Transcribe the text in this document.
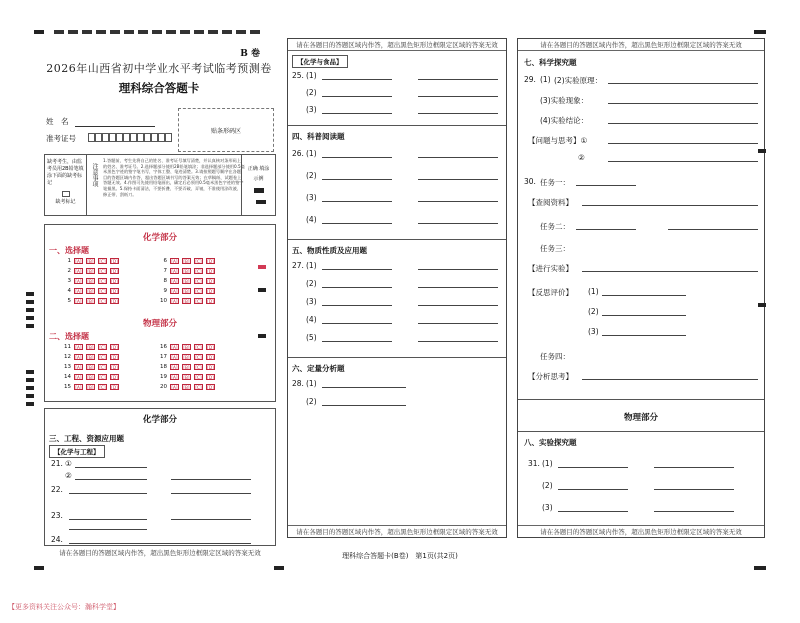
B 卷
2026年山西省初中学业水平考试临考预测卷
理科综合答题卡
姓　名
准考证号
贴条形码区
缺考考生，由监考员用2B铅笔填涂下面的缺考标记
缺考标记
注意事项
1.答题前，考生先将自己的姓名、准考证号填写清楚，并认真核对条形码上的姓名、准考证号。2.选择题部分使用2B铅笔填涂；非选择题部分使用0.5毫米黑色字迹的签字笔书写，字体工整、笔迹清楚。3.请按照题号顺序在各题目的答题区域内作答，超出答题区域书写的答案无效；在草稿纸、试题卷上答题无效。4.作图可先使用铅笔画出，确定后必须用0.5毫米黑色字迹的签字笔描黑。5.保持卡面清洁，不要折叠、不要弄破、弄皱，不准使用涂改液、修正带、刮纸刀。
正确 填涂
示例
化学部分
一、选择题
1	[A]	[B]	[C]	[D]
2	[A]	[B]	[C]	[D]
3	[A]	[B]	[C]	[D]
4	[A]	[B]	[C]	[D]
5	[A]	[B]	[C]	[D]
6	[A]	[B]	[C]	[D]
7	[A]	[B]	[C]	[D]
8	[A]	[B]	[C]	[D]
9	[A]	[B]	[C]	[D]
10	[A]	[B]	[C]	[D]
物理部分
二、选择题
11	[A]	[B]	[C]	[D]
12	[A]	[B]	[C]	[D]
13	[A]	[B]	[C]	[D]
14	[A]	[B]	[C]	[D]
15	[A]	[B]	[C]	[D]
16	[A]	[B]	[C]	[D]
17	[A]	[B]	[C]	[D]
18	[A]	[B]	[C]	[D]
19	[A]	[B]	[C]	[D]
20	[A]	[B]	[C]	[D]
化学部分
三、工程、资源应用题
【化学与工程】
21. ①
②
22.
23.
24.
请在各题目的答题区域内作答，超出黑色矩形边框限定区域的答案无效
请在各题目的答题区域内作答，超出黑色矩形边框限定区域的答案无效
【化学与食品】
25. (1)
(2)
(3)
四、科普阅读题
26. (1)
(2)
(3)
(4)
五、物质性质及应用题
27. (1)
(2)
(3)
(4)
(5)
六、定量分析题
28. (1)
(2)
请在各题目的答题区域内作答，超出黑色矩形边框限定区域的答案无效
请在各题目的答题区域内作答，超出黑色矩形边框限定区域的答案无效
七、科学探究题
29. (1) (2)实验原理：
(3)实验现象：
(4)实验结论：
【问题与思考】①
②
30. 任务一：
【查阅资料】
任务二：
任务三：
【进行实验】
【反思评价】 (1)
(2)
(3)
任务四：
【分析思考】
物理部分
八、实验探究题
31. (1)
(2)
(3)
请在各题目的答题区域内作答，超出黑色矩形边框限定区域的答案无效
理科综合答题卡(B卷)　第1页(共2页)
【更多资料关注公众号：瀚科学堂】
